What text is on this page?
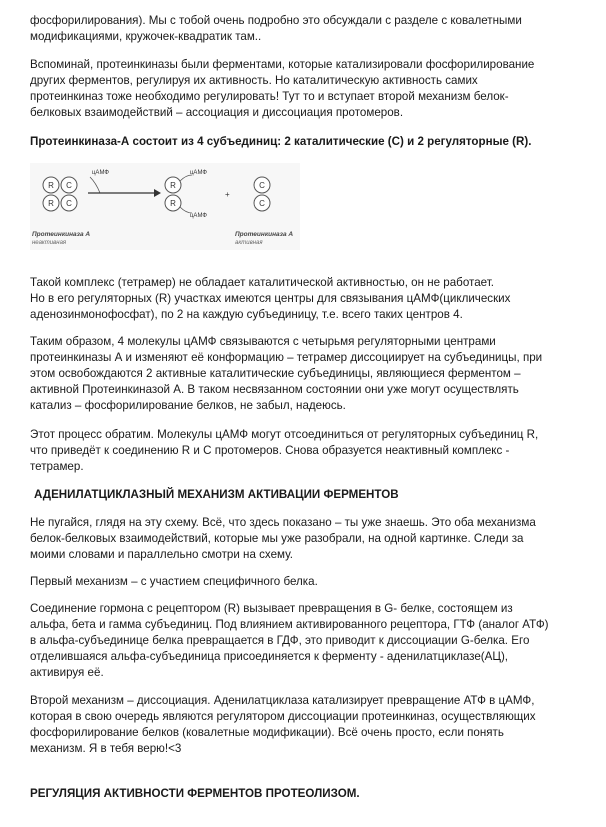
фосфорилирования). Мы с тобой очень подробно это обсуждали с разделе с ковалетными
модификациями, кружочек-квадратик там..
Вспоминай, протеинкиназы были ферментами, которые катализировали фосфорилирование
других ферментов, регулируя их активность. Но каталитическую активность самих
протеинкиназ тоже необходимо регулировать! Тут то и вступает второй механизм белок-
белковых взаимодействий – ассоциация и диссоциация протомеров.
Протеинкиназа-А состоит из 4 субъединиц: 2 каталитические (С) и 2 регуляторные (R).
R C
R C
цАМФ
R
R
цАМФ
цАМФ
+
C
C
Протеинкиназа А
неактивная
Протеинкиназа А
активная
Такой комплекс (тетрамер) не обладает каталитической активностью, он не работает.
Но в его регуляторных (R) участках имеются центры для связывания цАМФ(циклических
аденозинмонофосфат), по 2 на каждую субъединицу, т.е. всего таких центров 4.
Таким образом, 4 молекулы цАМФ связываются с четырьмя регуляторными центрами
протеинкиназы А и изменяют её конформацию – тетрамер диссоциирует на субъединицы, при
этом освобождаются 2 активные каталитические субъединицы, являющиеся ферментом –
активной Протеинкиназой А. В таком несвязанном состоянии они уже могут осуществлять
катализ – фосфорилирование белков, не забыл, надеюсь.
Этот процесс обратим. Молекулы цАМФ могут отсоединиться от регуляторных субъединиц R,
что приведёт к соединению R и С протомеров. Снова образуется неактивный комплекс -
тетрамер.
АДЕНИЛАТЦИКЛАЗНЫЙ МЕХАНИЗМ АКТИВАЦИИ ФЕРМЕНТОВ
Не пугайся, глядя на эту схему. Всё, что здесь показано – ты уже знаешь. Это оба механизма
белок-белковых взаимодействий, которые мы уже разобрали, на одной картинке. Следи за
моими словами и параллельно смотри на схему.
Первый механизм – с участием специфичного белка.
Соединение гормона с рецептором (R) вызывает превращения в G- белке, состоящем из
альфа, бета и гамма субъединиц. Под влиянием активированного рецептора, ГТФ (аналог АТФ)
в альфа-субъединице белка превращается в ГДФ, это приводит к диссоциации G-белка. Его
отделившаяся альфа-субъединица присоединяется к ферменту - аденилатциклазе(АЦ),
активируя её.
Второй механизм – диссоциация. Аденилатциклаза катализирует превращение АТФ в цАМФ,
которая в свою очередь являются регулятором диссоциации протеинкиназ, осуществляющих
фосфорилирование белков (ковалетные модификации). Всё очень просто, если понять
механизм. Я в тебя верю!<3
РЕГУЛЯЦИЯ АКТИВНОСТИ ФЕРМЕНТОВ ПРОТЕОЛИЗОМ.
